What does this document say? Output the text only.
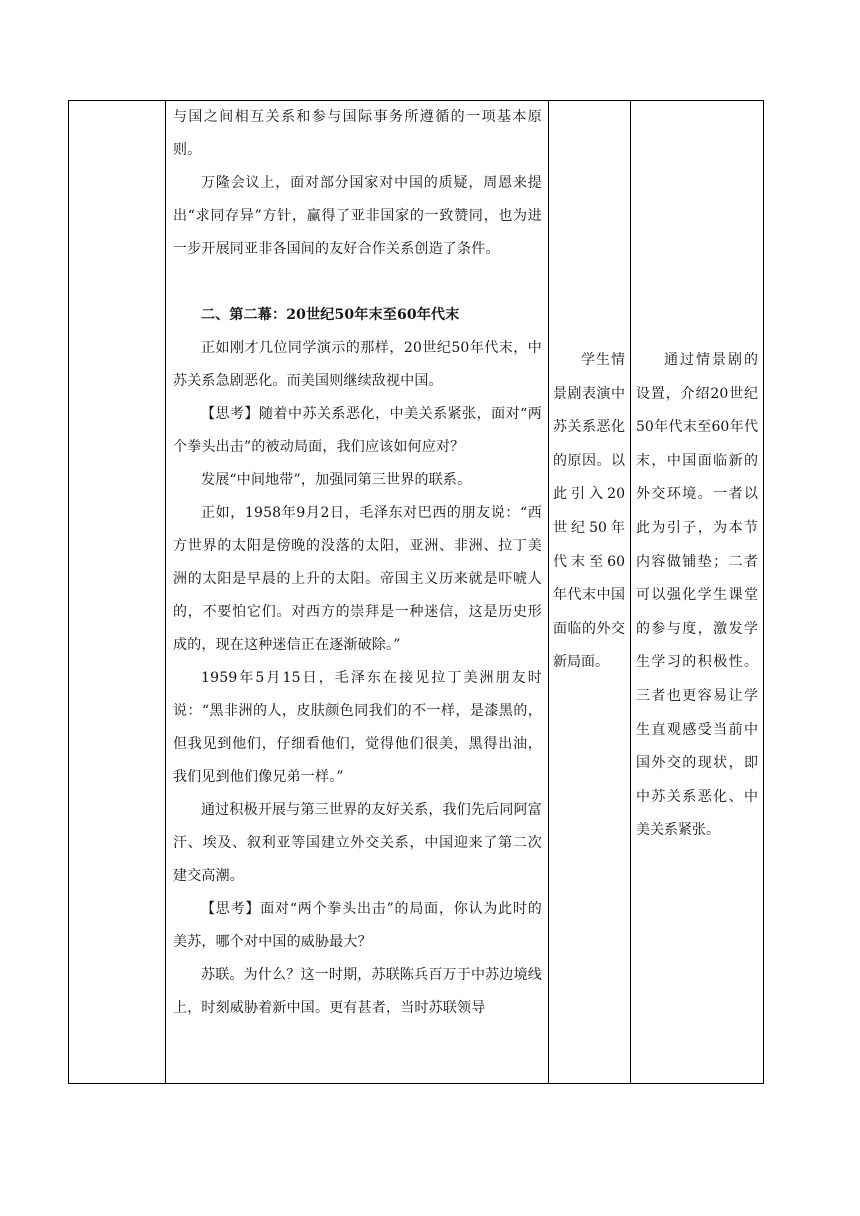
与国之间相互关系和参与国际事务所遵循的一项基本原则。

万隆会议上，面对部分国家对中国的质疑，周恩来提出“求同存异”方针，赢得了亚非国家的一致赞同，也为进一步开展同亚非各国间的友好合作关系创造了条件。

二、第二幕：20世纪50年末至60年代末

正如刚才几位同学演示的那样，20世纪50年代末，中苏关系急剧恶化。而美国则继续敌视中国。

【思考】随着中苏关系恶化，中美关系紧张，面对“两个拳头出击”的被动局面，我们应该如何应对？

发展“中间地带”，加强同第三世界的联系。

正如，1958年9月2日，毛泽东对巴西的朋友说：“西方世界的太阳是傍晚的没落的太阳，亚洲、非洲、拉丁美洲的太阳是早晨的上升的太阳。帝国主义历来就是吓唬人的，不要怕它们。对西方的崇拜是一种迷信，这是历史形成的，现在这种迷信正在逐渐破除。”

1959年5月15日，毛泽东在接见拉丁美洲朋友时说：“黑非洲的人，皮肤颜色同我们的不一样，是漆黑的，但我见到他们，仔细看他们，觉得他们很美，黑得出油，我们见到他们像兄弟一样。”

通过积极开展与第三世界的友好关系，我们先后同阿富汗、埃及、叙利亚等国建立外交关系，中国迎来了第二次建交高潮。

【思考】面对“两个拳头出击”的局面，你认为此时的美苏，哪个对中国的威胁最大？

苏联。为什么？这一时期，苏联陈兵百万于中苏边境线上，时刻威胁着新中国。更有甚者，当时苏联领导

学生情景剧表演中苏关系恶化的原因。以此引入20世纪50年代末至60年代末中国面临的外交新局面。

通过情景剧的设置，介绍20世纪50年代末至60年代末，中国面临新的外交环境。一者以此为引子，为本节内容做铺垫；二者可以强化学生课堂的参与度，激发学生学习的积极性。三者也更容易让学生直观感受当前中国外交的现状，即中苏关系恶化、中美关系紧张。
